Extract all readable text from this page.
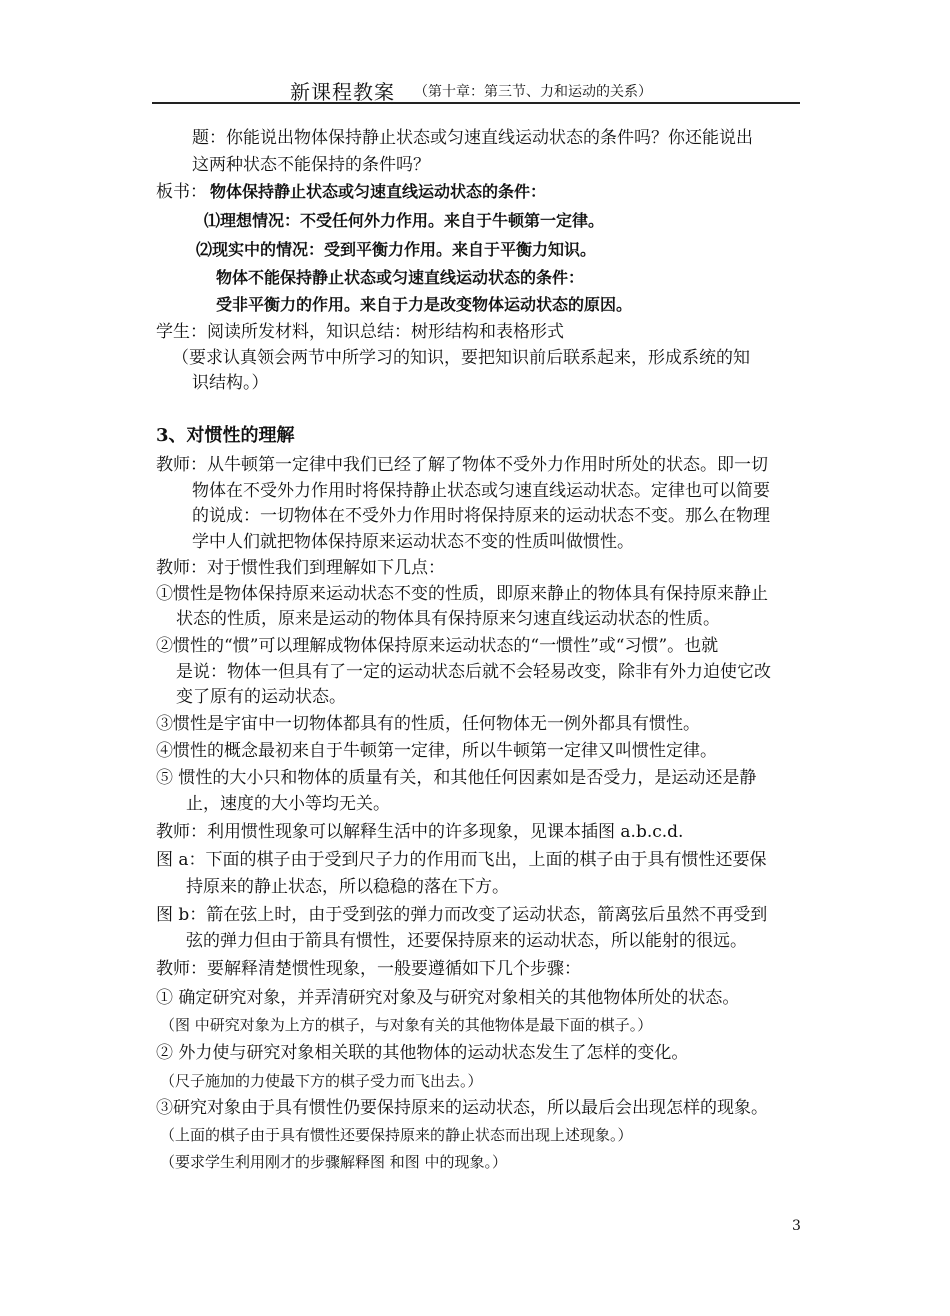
新课程教案 （第十章：第三节、力和运动的关系）
题：你能说出物体保持静止状态或匀速直线运动状态的条件吗？你还能说出
这两种状态不能保持的条件吗？
板书： 物体保持静止状态或匀速直线运动状态的条件：
⑴理想情况：不受任何外力作用。来自于牛顿第一定律。
⑵现实中的情况：受到平衡力作用。来自于平衡力知识。
物体不能保持静止状态或匀速直线运动状态的条件：
受非平衡力的作用。来自于力是改变物体运动状态的原因。
学生：阅读所发材料，知识总结：树形结构和表格形式
（要求认真领会两节中所学习的知识，要把知识前后联系起来，形成系统的知
识结构。）
3、对惯性的理解
教师：从牛顿第一定律中我们已经了解了物体不受外力作用时所处的状态。即一切
物体在不受外力作用时将保持静止状态或匀速直线运动状态。定律也可以简要
的说成：一切物体在不受外力作用时将保持原来的运动状态不变。那么在物理
学中人们就把物体保持原来运动状态不变的性质叫做惯性。
教师：对于惯性我们到理解如下几点：
①惯性是物体保持原来运动状态不变的性质，即原来静止的物体具有保持原来静止
状态的性质，原来是运动的物体具有保持原来匀速直线运动状态的性质。
②惯性的“惯”可以理解成物体保持原来运动状态的“一惯性”或“习惯”。也就
是说：物体一但具有了一定的运动状态后就不会轻易改变，除非有外力迫使它改
变了原有的运动状态。
③惯性是宇宙中一切物体都具有的性质，任何物体无一例外都具有惯性。
④惯性的概念最初来自于牛顿第一定律，所以牛顿第一定律又叫惯性定律。
⑤ 惯性的大小只和物体的质量有关，和其他任何因素如是否受力，是运动还是静
止，速度的大小等均无关。
教师：利用惯性现象可以解释生活中的许多现象，见课本插图 a.b.c.d.
图 a：下面的棋子由于受到尺子力的作用而飞出，上面的棋子由于具有惯性还要保
持原来的静止状态，所以稳稳的落在下方。
图 b：箭在弦上时，由于受到弦的弹力而改变了运动状态，箭离弦后虽然不再受到
弦的弹力但由于箭具有惯性，还要保持原来的运动状态，所以能射的很远。
教师：要解释清楚惯性现象，一般要遵循如下几个步骤：
① 确定研究对象，并弄清研究对象及与研究对象相关的其他物体所处的状态。
（图 中研究对象为上方的棋子，与对象有关的其他物体是最下面的棋子。）
② 外力使与研究对象相关联的其他物体的运动状态发生了怎样的变化。
（尺子施加的力使最下方的棋子受力而飞出去。）
③研究对象由于具有惯性仍要保持原来的运动状态，所以最后会出现怎样的现象。
（上面的棋子由于具有惯性还要保持原来的静止状态而出现上述现象。）
（要求学生利用刚才的步骤解释图 和图 中的现象。）
3
